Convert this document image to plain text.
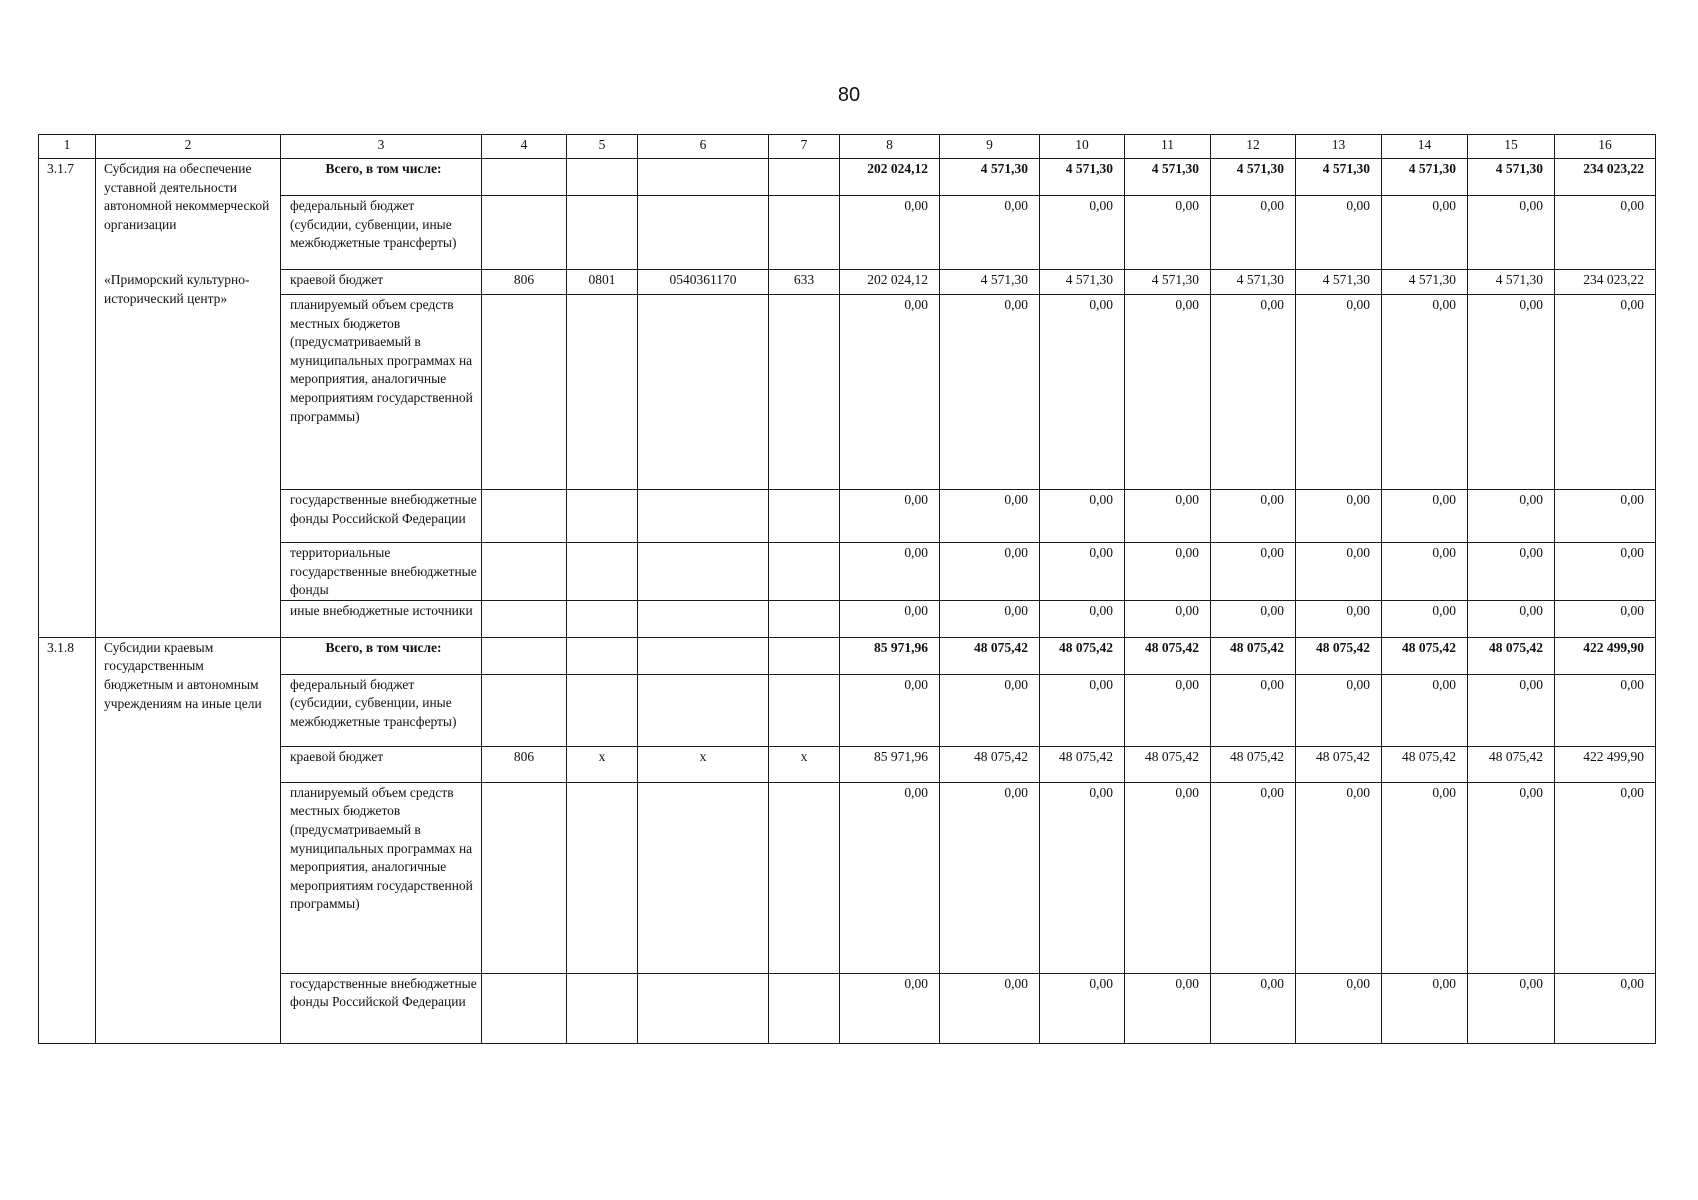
80
1	2	3	4	5	6	7	8	9	10	11	12	13	14	15	16
3.1.7	Субсидия на обеспечение уставной деятельности автономной некоммерческой организации
«Приморский культурно-исторический центр»	Всего, в том числе:					202 024,12	4 571,30	4 571,30	4 571,30	4 571,30	4 571,30	4 571,30	4 571,30	234 023,22
		федеральный бюджет (субсидии, субвенции, иные межбюджетные трансферты)					0,00	0,00	0,00	0,00	0,00	0,00	0,00	0,00	0,00
		краевой бюджет	806	0801	0540361170	633	202 024,12	4 571,30	4 571,30	4 571,30	4 571,30	4 571,30	4 571,30	4 571,30	234 023,22
		планируемый объем средств местных бюджетов (предусматриваемый в муниципальных программах на мероприятия, аналогичные мероприятиям государственной программы)					0,00	0,00	0,00	0,00	0,00	0,00	0,00	0,00	0,00
		государственные внебюджетные фонды Российской Федерации					0,00	0,00	0,00	0,00	0,00	0,00	0,00	0,00	0,00
		территориальные государственные внебюджетные фонды					0,00	0,00	0,00	0,00	0,00	0,00	0,00	0,00	0,00
		иные внебюджетные источники					0,00	0,00	0,00	0,00	0,00	0,00	0,00	0,00	0,00
3.1.8	Субсидии краевым государственным бюджетным и автономным учреждениям на иные цели	Всего, в том числе:					85 971,96	48 075,42	48 075,42	48 075,42	48 075,42	48 075,42	48 075,42	48 075,42	422 499,90
		федеральный бюджет (субсидии, субвенции, иные межбюджетные трансферты)					0,00	0,00	0,00	0,00	0,00	0,00	0,00	0,00	0,00
		краевой бюджет	806	х	х	х	85 971,96	48 075,42	48 075,42	48 075,42	48 075,42	48 075,42	48 075,42	48 075,42	422 499,90
		планируемый объем средств местных бюджетов (предусматриваемый в муниципальных программах на мероприятия, аналогичные мероприятиям государственной программы)					0,00	0,00	0,00	0,00	0,00	0,00	0,00	0,00	0,00
		государственные внебюджетные фонды Российской Федерации					0,00	0,00	0,00	0,00	0,00	0,00	0,00	0,00	0,00
